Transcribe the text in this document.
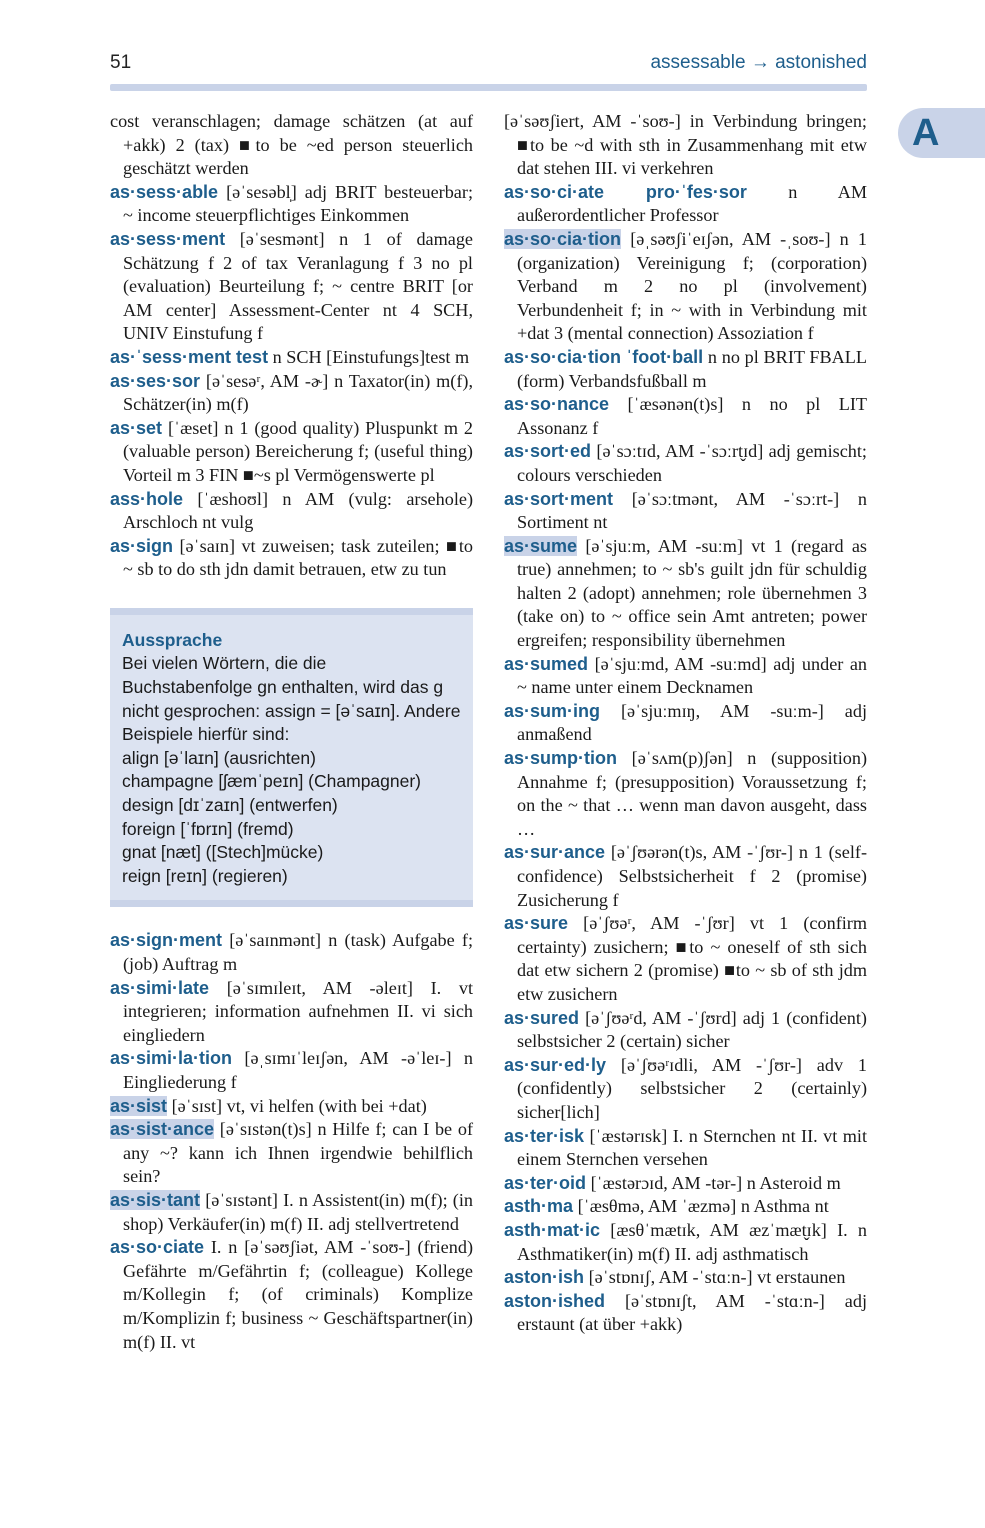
51	assessable → astonished
A

cost veranschlagen; damage schätzen (at auf +akk) 2 (tax) ■to be ~ed person steuerlich geschätzt werden

as·sess·able [əˈsesəbl̩] adj BRIT besteuerbar; ~ income steuerpflichtiges Einkommen

as·sess·ment [əˈsesmənt] n 1 of damage Schätzung f 2 of tax Veranlagung f 3 no pl (evaluation) Beurteilung f; ~ centre BRIT [or AM center] Assessment-Center nt 4 SCH, UNIV Einstufung f

as·ˈsess·ment test n SCH [Einstufungs]test m

as·ses·sor [əˈsesəʳ, AM -ɚ] n Taxator(in) m(f), Schätzer(in) m(f)

as·set [ˈæset] n 1 (good quality) Pluspunkt m 2 (valuable person) Bereicherung f; (useful thing) Vorteil m 3 FIN ■~s pl Vermögenswerte pl

ass·hole [ˈæshoʊl] n AM (vulg: arsehole) Arschloch nt vulg

as·sign [əˈsaɪn] vt zuweisen; task zuteilen; ■to ~ sb to do sth jdn damit betrauen, etw zu tun

Aussprache

Bei vielen Wörtern, die die Buchstabenfolge gn enthalten, wird das g nicht gesprochen: assign = [əˈsaɪn]. Andere Beispiele hierfür sind:

align [əˈlaɪn] (ausrichten)

champagne [ʃæmˈpeɪn] (Champagner)

design [dɪˈzaɪn] (entwerfen)

foreign [ˈfɒrɪn] (fremd)

gnat [næt] ([Stech]mücke)

reign [reɪn] (regieren)

as·sign·ment [əˈsaɪnmənt] n (task) Aufgabe f; (job) Auftrag m

as·simi·late [əˈsɪmɪleɪt, AM -əleɪt] I. vt integrieren; information aufnehmen II. vi sich eingliedern

as·simi·la·tion [əˌsɪmɪˈleɪʃən, AM -əˈleɪ-] n Eingliederung f

as·sist [əˈsɪst] vt, vi helfen (with bei +dat)

as·sist·ance [əˈsɪstən(t)s] n Hilfe f; can I be of any ~? kann ich Ihnen irgendwie behilflich sein?

as·sis·tant [əˈsɪstənt] I. n Assistent(in) m(f); (in shop) Verkäufer(in) m(f) II. adj stellvertretend

as·so·ciate I. n [əˈsəʊʃiət, AM -ˈsoʊ-] (friend) Gefährte m/Gefährtin f; (colleague) Kollege m/Kollegin f; (of criminals) Komplize m/Komplizin f; business ~ Geschäftspartner(in) m(f) II. vt

[əˈsəʊʃiert, AM -ˈsoʊ-] in Verbindung bringen; ■to be ~d with sth in Zusammenhang mit etw dat stehen III. vi verkehren

as·so·ci·ate pro·ˈfes·sor n AM außerordentlicher Professor

as·so·cia·tion [əˌsəʊʃiˈeɪʃən, AM -ˌsoʊ-] n 1 (organization) Vereinigung f; (corporation) Verband m 2 no pl (involvement) Verbundenheit f; in ~ with in Verbindung mit +dat 3 (mental connection) Assoziation f

as·so·cia·tion ˈfoot·ball n no pl BRIT FBALL (form) Verbandsfußball m

as·so·nance [ˈæsənən(t)s] n no pl LIT Assonanz f

as·sort·ed [əˈsɔːtɪd, AM -ˈsɔːrt̬ɪd] adj gemischt; colours verschieden

as·sort·ment [əˈsɔːtmənt, AM -ˈsɔːrt-] n Sortiment nt

as·sume [əˈsjuːm, AM -suːm] vt 1 (regard as true) annehmen; to ~ sb's guilt jdn für schuldig halten 2 (adopt) annehmen; role übernehmen 3 (take on) to ~ office sein Amt antreten; power ergreifen; responsibility übernehmen

as·sumed [əˈsjuːmd, AM -suːmd] adj under an ~ name unter einem Decknamen

as·sum·ing [əˈsjuːmɪŋ, AM -suːm-] adj anmaßend

as·sump·tion [əˈsʌm(p)ʃən] n (supposition) Annahme f; (presupposition) Voraussetzung f; on the ~ that … wenn man davon ausgeht, dass …

as·sur·ance [əˈʃʊərən(t)s, AM -ˈʃʊr-] n 1 (self-confidence) Selbstsicherheit f 2 (promise) Zusicherung f

as·sure [əˈʃʊəʳ, AM -ˈʃʊr] vt 1 (confirm certainty) zusichern; ■to ~ oneself of sth sich dat etw sichern 2 (promise) ■to ~ sb of sth jdm etw zusichern

as·sured [əˈʃʊəʳd, AM -ˈʃʊrd] adj 1 (confident) selbstsicher 2 (certain) sicher

as·sur·ed·ly [əˈʃʊəʳɪdli, AM -ˈʃʊr-] adv 1 (confidently) selbstsicher 2 (certainly) sicher[lich]

as·ter·isk [ˈæstərɪsk] I. n Sternchen nt II. vt mit einem Sternchen versehen

as·ter·oid [ˈæstərɔɪd, AM -tər-] n Asteroid m

asth·ma [ˈæsθmə, AM ˈæzmə] n Asthma nt

asth·mat·ic [æsθˈmætɪk, AM æzˈmæt̬ɪk] I. n Asthmatiker(in) m(f) II. adj asthmatisch

aston·ish [əˈstɒnɪʃ, AM -ˈstɑːn-] vt erstaunen

aston·ished [əˈstɒnɪʃt, AM -ˈstɑːn-] adj erstaunt (at über +akk)
